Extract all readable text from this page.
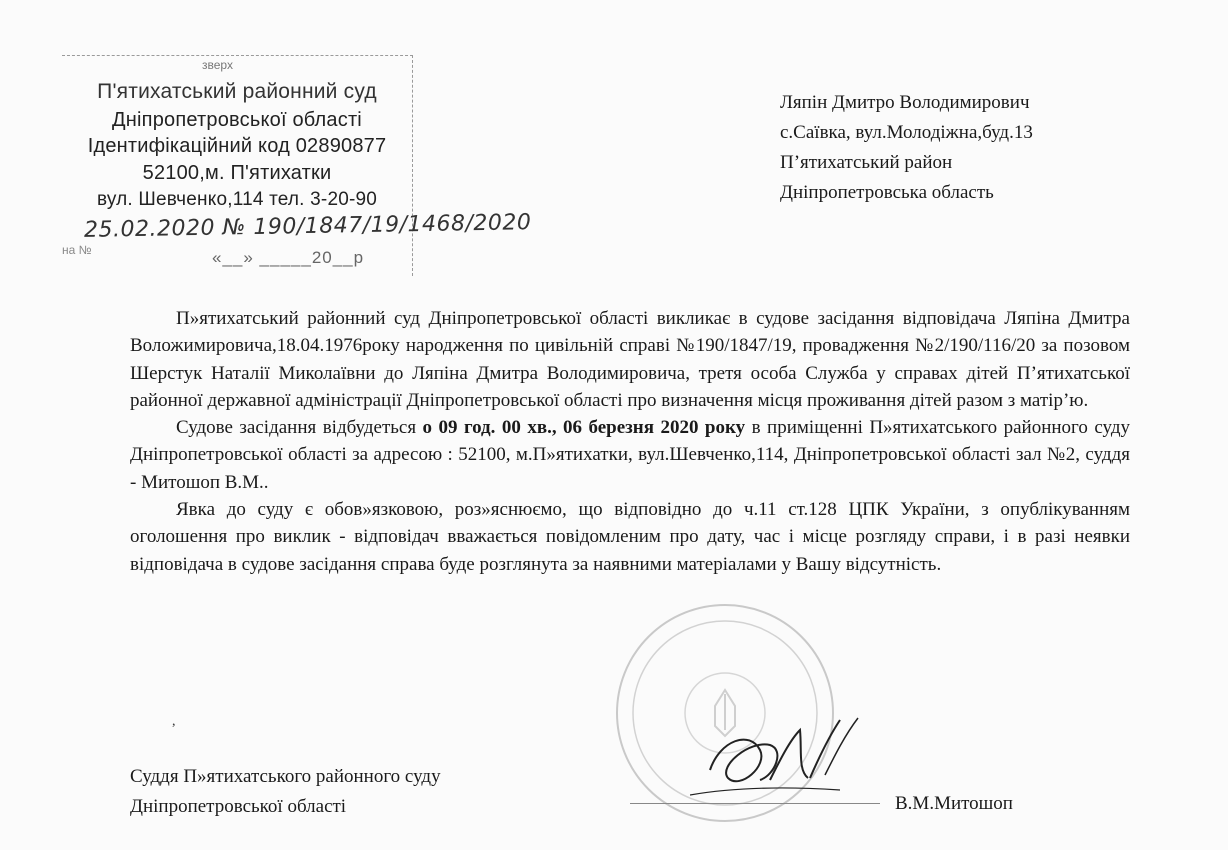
зверх
П'ятихатський районний суд
Дніпропетровської області
Ідентифікаційний код 02890877
52100,м. П'ятихатки
вул. Шевченко,114 тел. 3-20-90
25.02.2020 № 190/1847/19/1468/2020
на №	«__» _____20__р
Ляпін Дмитро Володимирович
с.Саївка, вул.Молодіжна,буд.13
П’ятихатський район
Дніпропетровська область

П»ятихатський районний суд Дніпропетровської області викликає в судове засідання відповідача Ляпіна Дмитра Воложимировича,18.04.1976року народження по цивільній справі №190/1847/19, провадження №2/190/116/20 за позовом Шерстук Наталії Миколаївни до Ляпіна Дмитра Володимировича, третя особа Служба у справах дітей П’ятихатської районної державної адміністрації Дніпропетровської області про визначення місця проживання дітей разом з матір’ю.

Судове засідання відбудеться о 09 год. 00 хв., 06 березня 2020 року в приміщенні П»ятихатського районного суду Дніпропетровської області за адресою : 52100, м.П»ятихатки, вул.Шевченко,114, Дніпропетровської області зал №2, суддя - Митошоп В.М..

Явка до суду є обов»язковою, роз»яснюємо, що відповідно до ч.11 ст.128 ЦПК України, з опублікуванням оголошення про виклик - відповідач вважається повідомленим про дату, час і місце розгляду справи, і в разі неявки відповідача в судове засідання справа буде розглянута за наявними матеріалами у Вашу відсутність.

,
Суддя П»ятихатського районного суду
Дніпропетровської області	В.М.Митошоп
